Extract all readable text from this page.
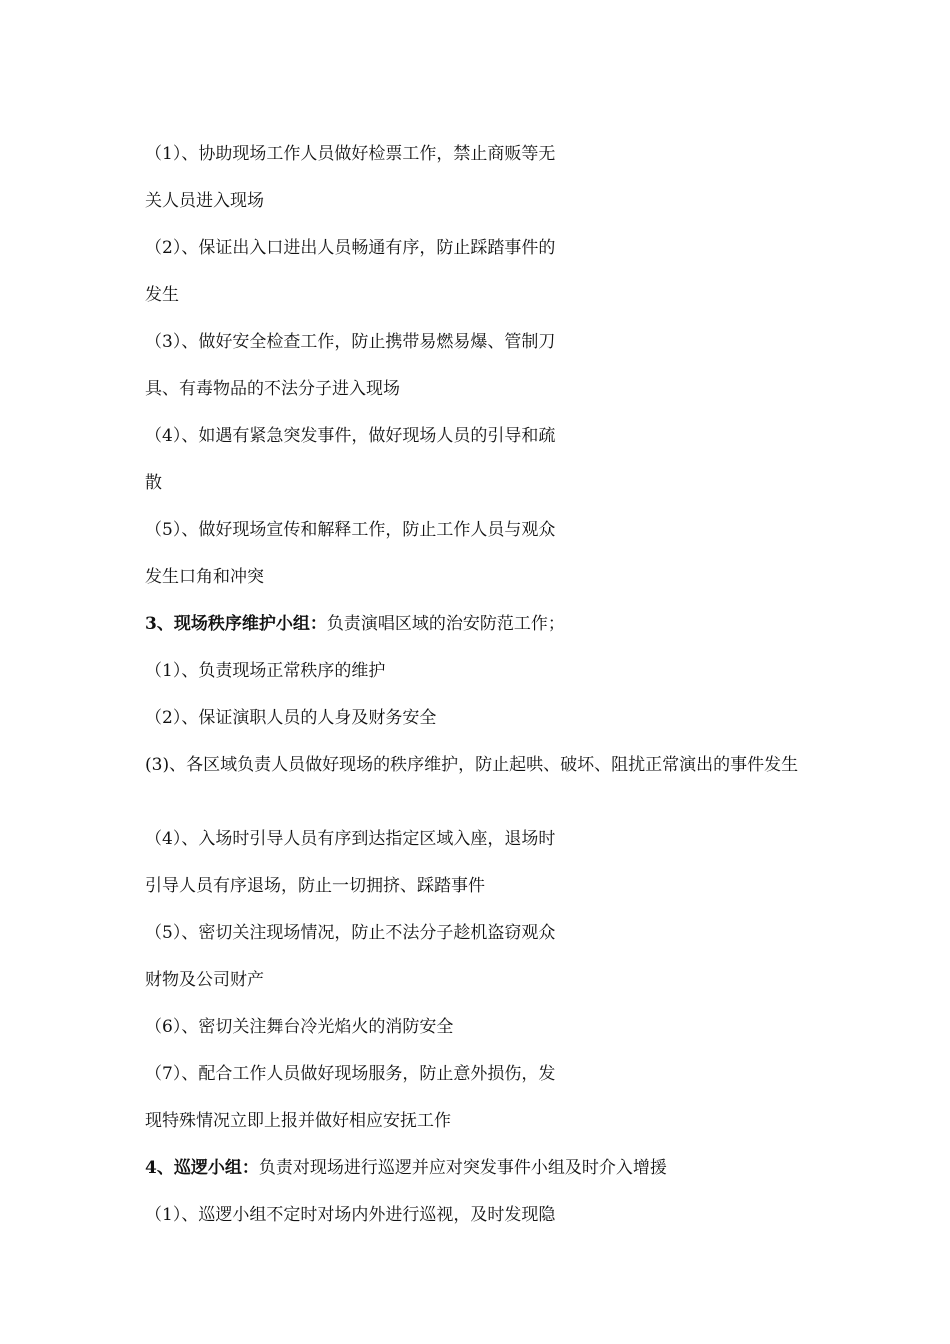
（1）、协助现场工作人员做好检票工作，禁止商贩等无

关人员进入现场

（2）、保证出入口进出人员畅通有序，防止踩踏事件的

发生

（3）、做好安全检查工作，防止携带易燃易爆、管制刀

具、有毒物品的不法分子进入现场

（4）、如遇有紧急突发事件，做好现场人员的引导和疏

散

（5）、做好现场宣传和解释工作，防止工作人员与观众

发生口角和冲突

3、现场秩序维护小组：负责演唱区域的治安防范工作；

（1）、负责现场正常秩序的维护

（2）、保证演职人员的人身及财务安全

(3)、各区域负责人员做好现场的秩序维护，防止起哄、破坏、阻扰正常演出的事件发生

（4）、入场时引导人员有序到达指定区域入座，退场时

引导人员有序退场，防止一切拥挤、踩踏事件

（5）、密切关注现场情况，防止不法分子趁机盗窃观众

财物及公司财产

（6）、密切关注舞台冷光焰火的消防安全

（7）、配合工作人员做好现场服务，防止意外损伤，发

现特殊情况立即上报并做好相应安抚工作

4、巡逻小组：负责对现场进行巡逻并应对突发事件小组及时介入增援

（1）、巡逻小组不定时对场内外进行巡视，及时发现隐
